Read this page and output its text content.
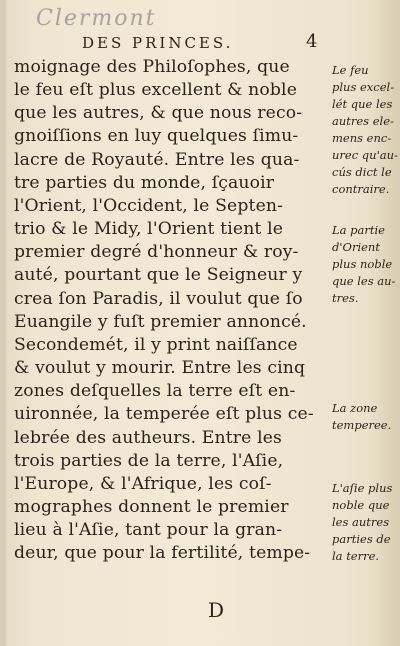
Clermont
DES PRINCES.	4
moignage des Philoſophes, que
le feu eſt plus excellent & noble
que les autres, & que nous reco-
gnoiſſions en luy quelques ſimu-
lacre de Royauté. Entre les qua-
tre parties du monde, ſçauoir
l'Orient, l'Occident, le Septen-
trio & le Midy, l'Orient tient le
premier degré d'honneur & roy-
auté, pourtant que le Seigneur y
crea ſon Paradis, il voulut que ſo
Euangile y fuſt premier annoncé.
Secondemét, il y print naiſſance
& voulut y mourir. Entre les cinq
zones deſquelles la terre eſt en-
uironnée, la temperée eſt plus ce-
lebrée des autheurs. Entre les
trois parties de la terre, l'Aſie,
l'Europe, & l'Afrique, les coſ-
mographes donnent le premier
lieu à l'Aſie, tant pour la gran-
deur, que pour la fertilité, tempe-
Le feu
plus excel-
lét que les
autres ele-
mens enc-
urec qu'au-
cús dict le
contraire.
La partie
d'Orient
plus noble
que les au-
tres.
La zone
temperee.
L'aſie plus
noble que
les autres
parties de
la terre.
D
